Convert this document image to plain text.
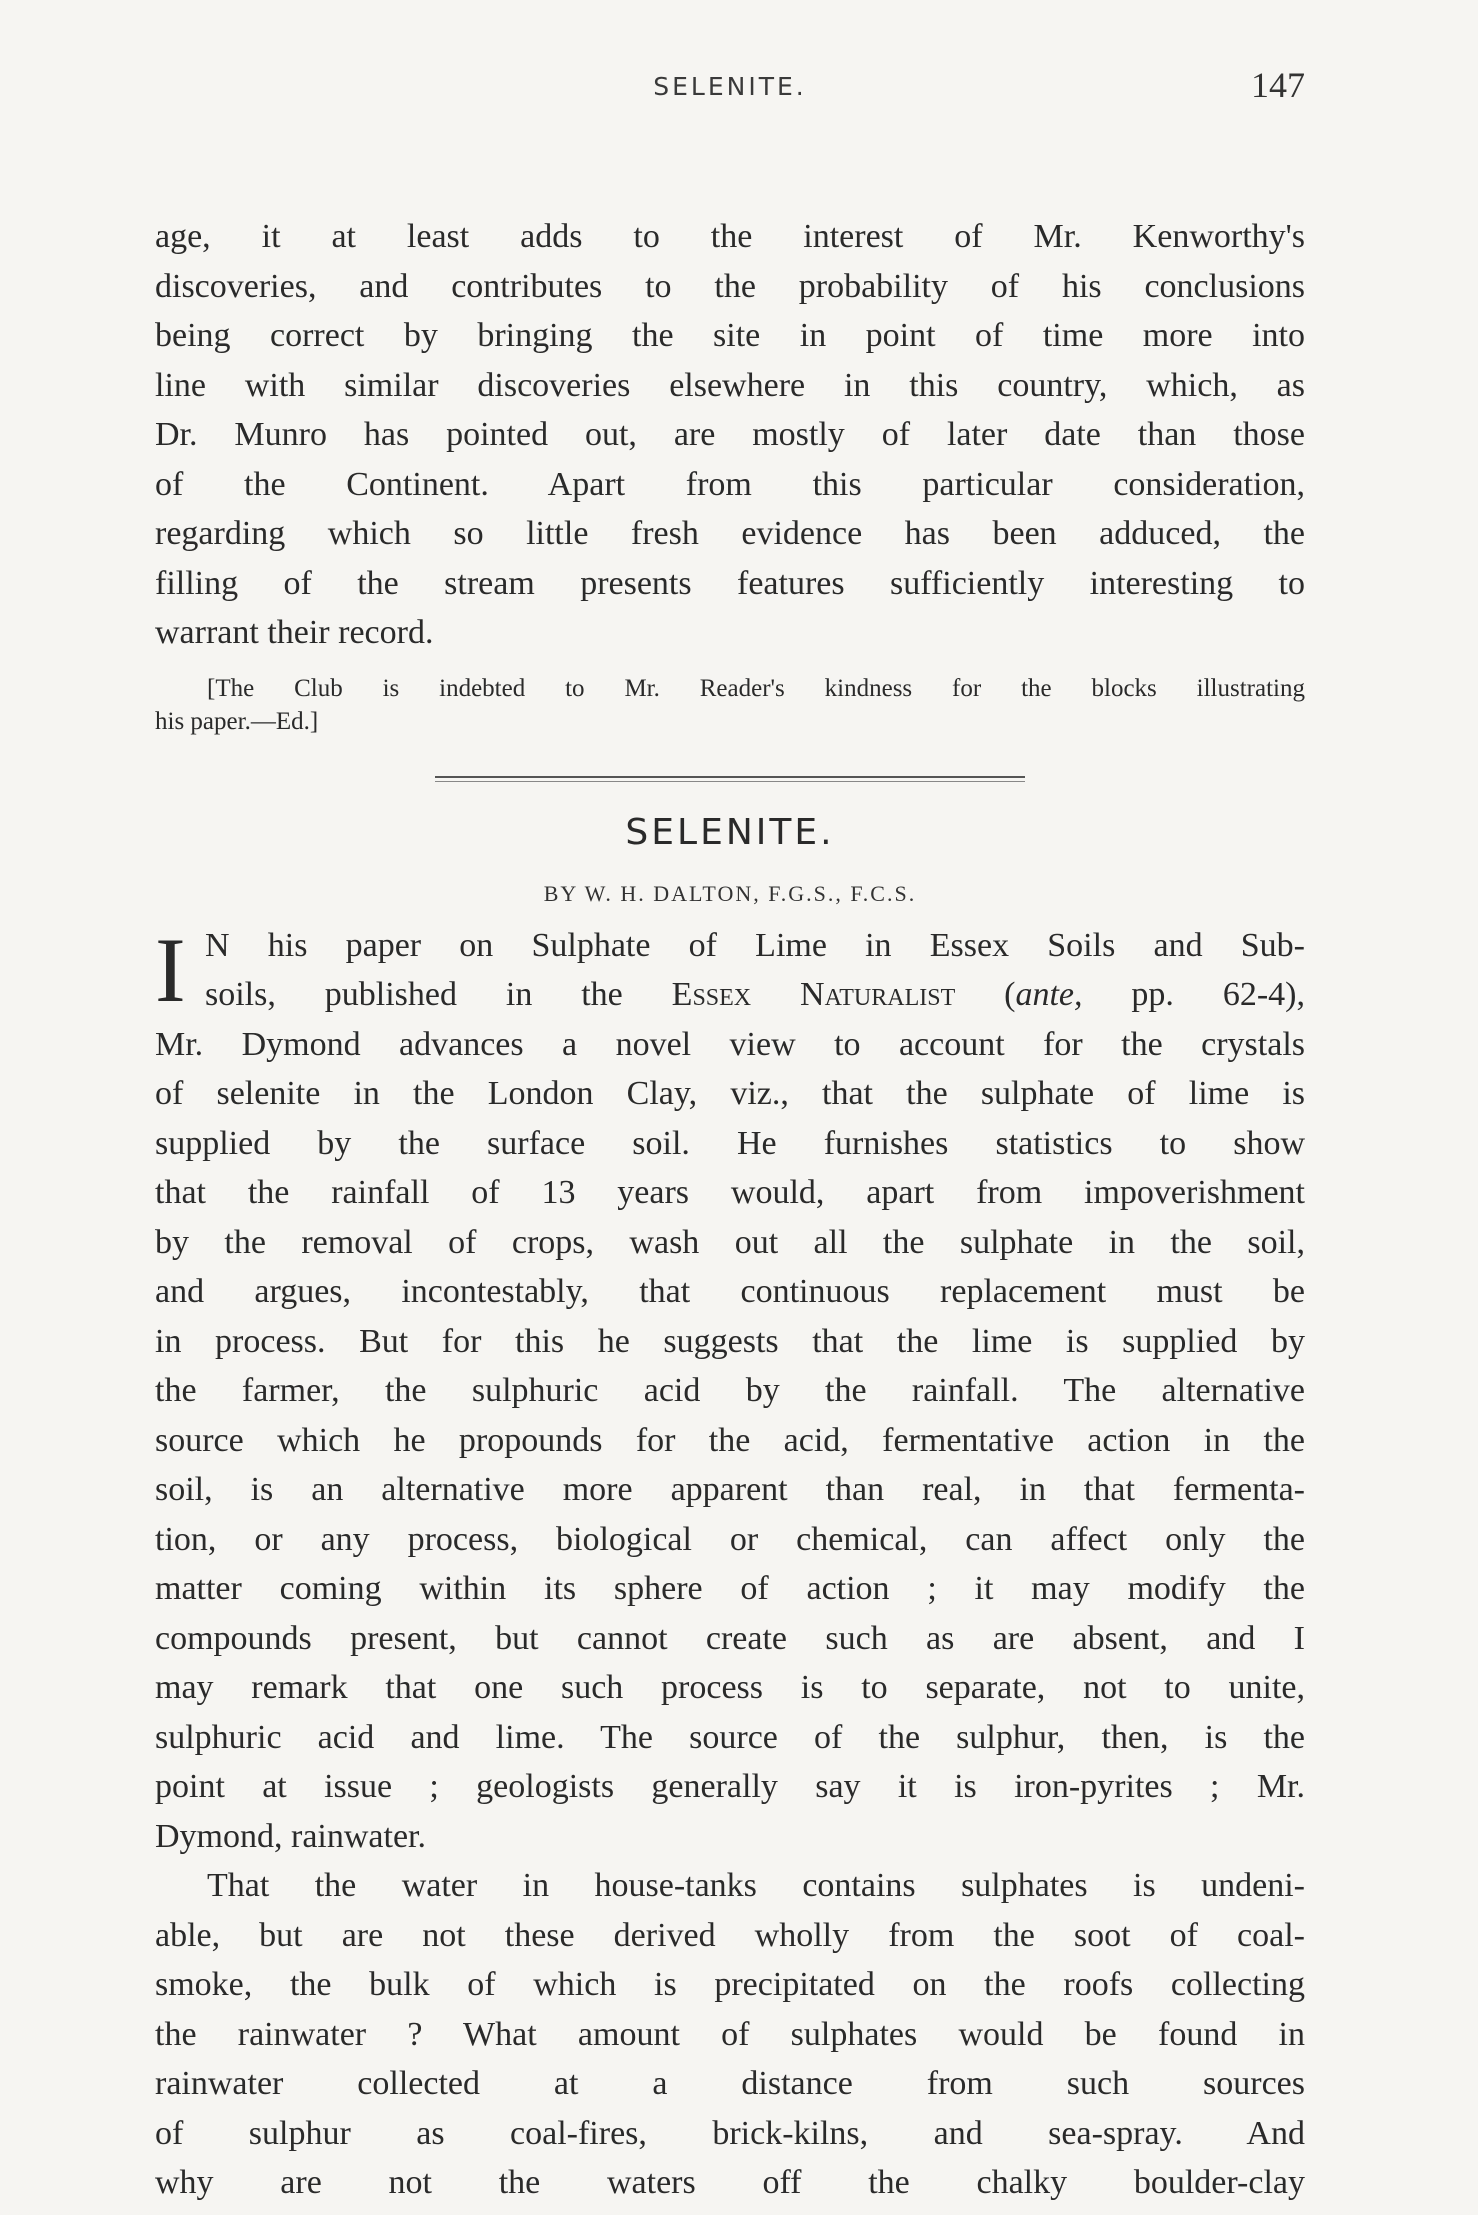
SELENITE.	147
age, it at least adds to the interest of Mr. Kenworthy's
discoveries, and contributes to the probability of his conclusions
being correct by bringing the site in point of time more into
line with similar discoveries elsewhere in this country, which, as
Dr. Munro has pointed out, are mostly of later date than those
of the Continent. Apart from this particular consideration,
regarding which so little fresh evidence has been adduced, the
filling of the stream presents features sufficiently interesting to
warrant their record.
[The Club is indebted to Mr. Reader's kindness for the blocks illustrating
his paper.—Ed.]
SELENITE.
BY W. H. DALTON, F.G.S., F.C.S.
I N his paper on Sulphate of Lime in Essex Soils and Sub-
soils, published in the Essex Naturalist (ante, pp. 62-4),
Mr. Dymond advances a novel view to account for the crystals
of selenite in the London Clay, viz., that the sulphate of lime is
supplied by the surface soil. He furnishes statistics to show
that the rainfall of 13 years would, apart from impoverishment
by the removal of crops, wash out all the sulphate in the soil,
and argues, incontestably, that continuous replacement must be
in process. But for this he suggests that the lime is supplied by
the farmer, the sulphuric acid by the rainfall. The alternative
source which he propounds for the acid, fermentative action in the
soil, is an alternative more apparent than real, in that fermenta-
tion, or any process, biological or chemical, can affect only the
matter coming within its sphere of action ; it may modify the
compounds present, but cannot create such as are absent, and I
may remark that one such process is to separate, not to unite,
sulphuric acid and lime. The source of the sulphur, then, is the
point at issue ; geologists generally say it is iron-pyrites ; Mr.
Dymond, rainwater.
That the water in house-tanks contains sulphates is undeni-
able, but are not these derived wholly from the soot of coal-
smoke, the bulk of which is precipitated on the roofs collecting
the rainwater ? What amount of sulphates would be found in
rainwater collected at a distance from such sources
of sulphur as coal-fires, brick-kilns, and sea-spray. And
why are not the waters off the chalky boulder-clay
